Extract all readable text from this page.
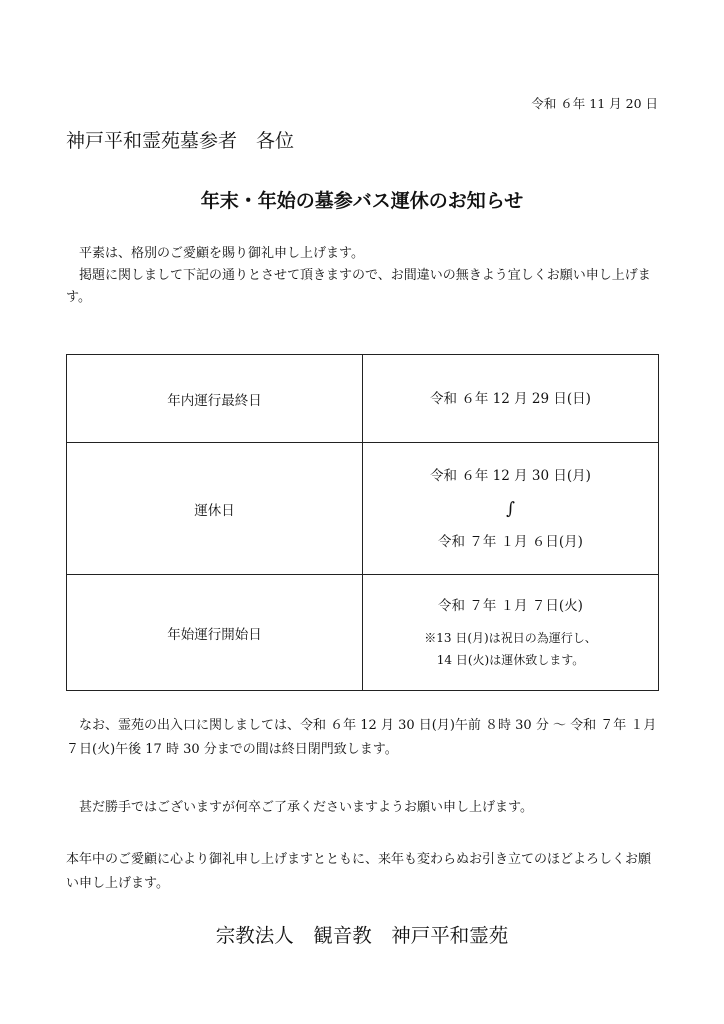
令和 ６年 11 月 20 日
神戸平和霊苑墓参者　各位
年末・年始の墓参バス運休のお知らせ

平素は、格別のご愛顧を賜り御礼申し上げます。

掲題に関しまして下記の通りとさせて頂きますので、お間違いの無きよう宜しくお願い申し上げます。

年内運行最終日	令和 ６年 12 月 29 日(日)

運休日	令和 ６年 12 月 30 日(月)
∫
令和 ７年 １月 ６日(月)

年始運行開始日	令和 ７年 １月 ７日(火)
※13 日(月)は祝日の為運行し、
14 日(火)は運休致します。

なお、霊苑の出入口に関しましては、令和 ６年 12 月 30 日(月)午前 ８時 30 分 〜 令和 ７年 １月 ７日(火)午後 17 時 30 分までの間は終日閉門致します。

甚だ勝手ではございますが何卒ご了承くださいますようお願い申し上げます。

本年中のご愛顧に心より御礼申し上げますとともに、来年も変わらぬお引き立てのほどよろしくお願い申し上げます。

宗教法人　観音教　神戸平和霊苑
